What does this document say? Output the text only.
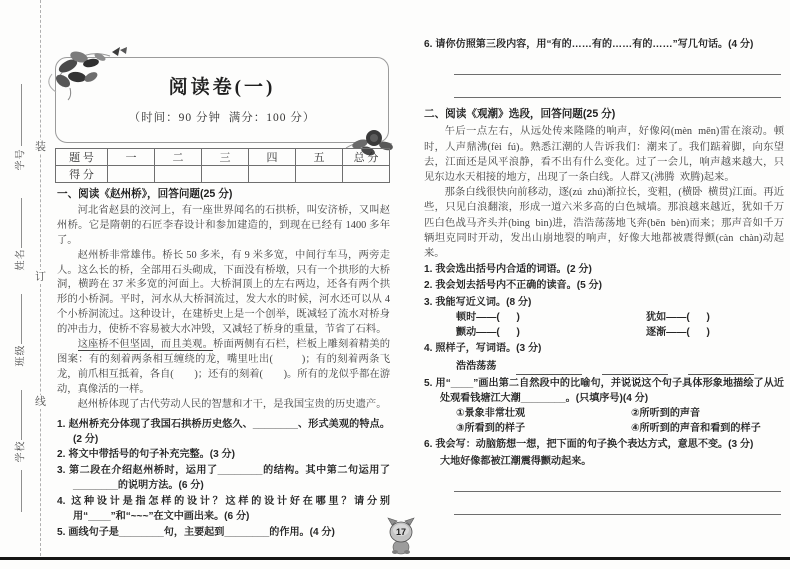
学号
姓名
班级
学校
装
订
线
阅读卷(一)
（时间：90 分钟  满分：100 分）
题 号	一	二	三	四	五	总 分
得 分						
一、阅读《赵州桥》，回答问题(25 分)

河北省赵县的洨河上，有一座世界闻名的石拱桥，叫安济桥，又叫赵州桥。它是隋朝的石匠李春设计和参加建造的，到现在已经有 1400 多年了。

赵州桥非常雄伟。桥长 50 多米，有 9 米多宽，中间行车马，两旁走人。这么长的桥，全部用石头砌成，下面没有桥墩，只有一个拱形的大桥洞，横跨在 37 米多宽的河面上。大桥洞顶上的左右两边，还各有两个拱形的小桥洞。平时，河水从大桥洞流过，发大水的时候，河水还可以从 4 个小桥洞流过。这种设计，在建桥史上是一个创举，既减轻了流水对桥身的冲击力，使桥不容易被大水冲毁，又减轻了桥身的重量，节省了石料。

这座桥不但坚固，而且美观。桥面两侧有石栏，栏板上雕刻着精美的图案：有的刻着两条相互缠绕的龙，嘴里吐出(          )；有的刻着两条飞龙，前爪相互抵着，各自(        )；还有的刻着(        )。所有的龙似乎都在游动，真像活的一样。

赵州桥体现了古代劳动人民的智慧和才干，是我国宝贵的历史遗产。

1. 赵州桥充分体现了我国石拱桥历史悠久、________、形式美观的特点。(2 分)
2. 将文中带括号的句子补充完整。(3 分)
3. 第二段在介绍赵州桥时，运用了________的结构。其中第二句运用了________的说明方法。(6 分)
4. 这种设计是指怎样的设计？这样的设计好在哪里？请分别用“____”和“~~~”在文中画出来。(6 分)
5. 画线句子是________句，主要起到________的作用。(4 分)
6. 请你仿照第三段内容，用“有的……有的……有的……”写几句话。(4 分)
二、阅读《观潮》选段，回答问题(25 分)

午后一点左右，从远处传来隆隆的响声，好像闷(mèn  mēn)雷在滚动。顿时，人声鼎沸(fèi  fú)。熟悉江潮的人告诉我们：潮来了。我们踮着脚，向东望去，江面还是风平浪静，看不出有什么变化。过了一会儿，响声越来越大，只见东边水天相接的地方，出现了一条白线。人群又(沸腾  欢腾)起来。

那条白线很快向前移动，逐(zú  zhú)渐拉长，变粗，(横卧  横贯)江面。再近些，只见白浪翻滚，形成一道六米多高的白色城墙。那浪越来越近，犹如千万匹白色战马齐头并(bìng  bìn)进，浩浩荡荡地飞奔(bēn  bèn)而来；那声音如千万辆坦克同时开动，发出山崩地裂的响声，好像大地都被震得颤(càn  chàn)动起来。

1. 我会选出括号内合适的词语。(2 分)
2. 我会划去括号内不正确的读音。(5 分)
3. 我能写近义词。(8 分)
顿时——(      )	犹如——(      )
颤动——(      )	逐渐——(      )
4. 照样子，写词语。(3 分)
浩浩荡荡
5. 用“____”画出第二自然段中的比喻句，并说说这个句子具体形象地描绘了从近处观看钱塘江大潮________。(只填序号)(4 分)
①景象非常壮观	②所听到的声音
③所看到的样子	④所听到的声音和看到的样子
6. 我会写：动脑筋想一想，把下面的句子换个表达方式，意思不变。(3 分)
大地好像都被江潮震得颤动起来。
17
